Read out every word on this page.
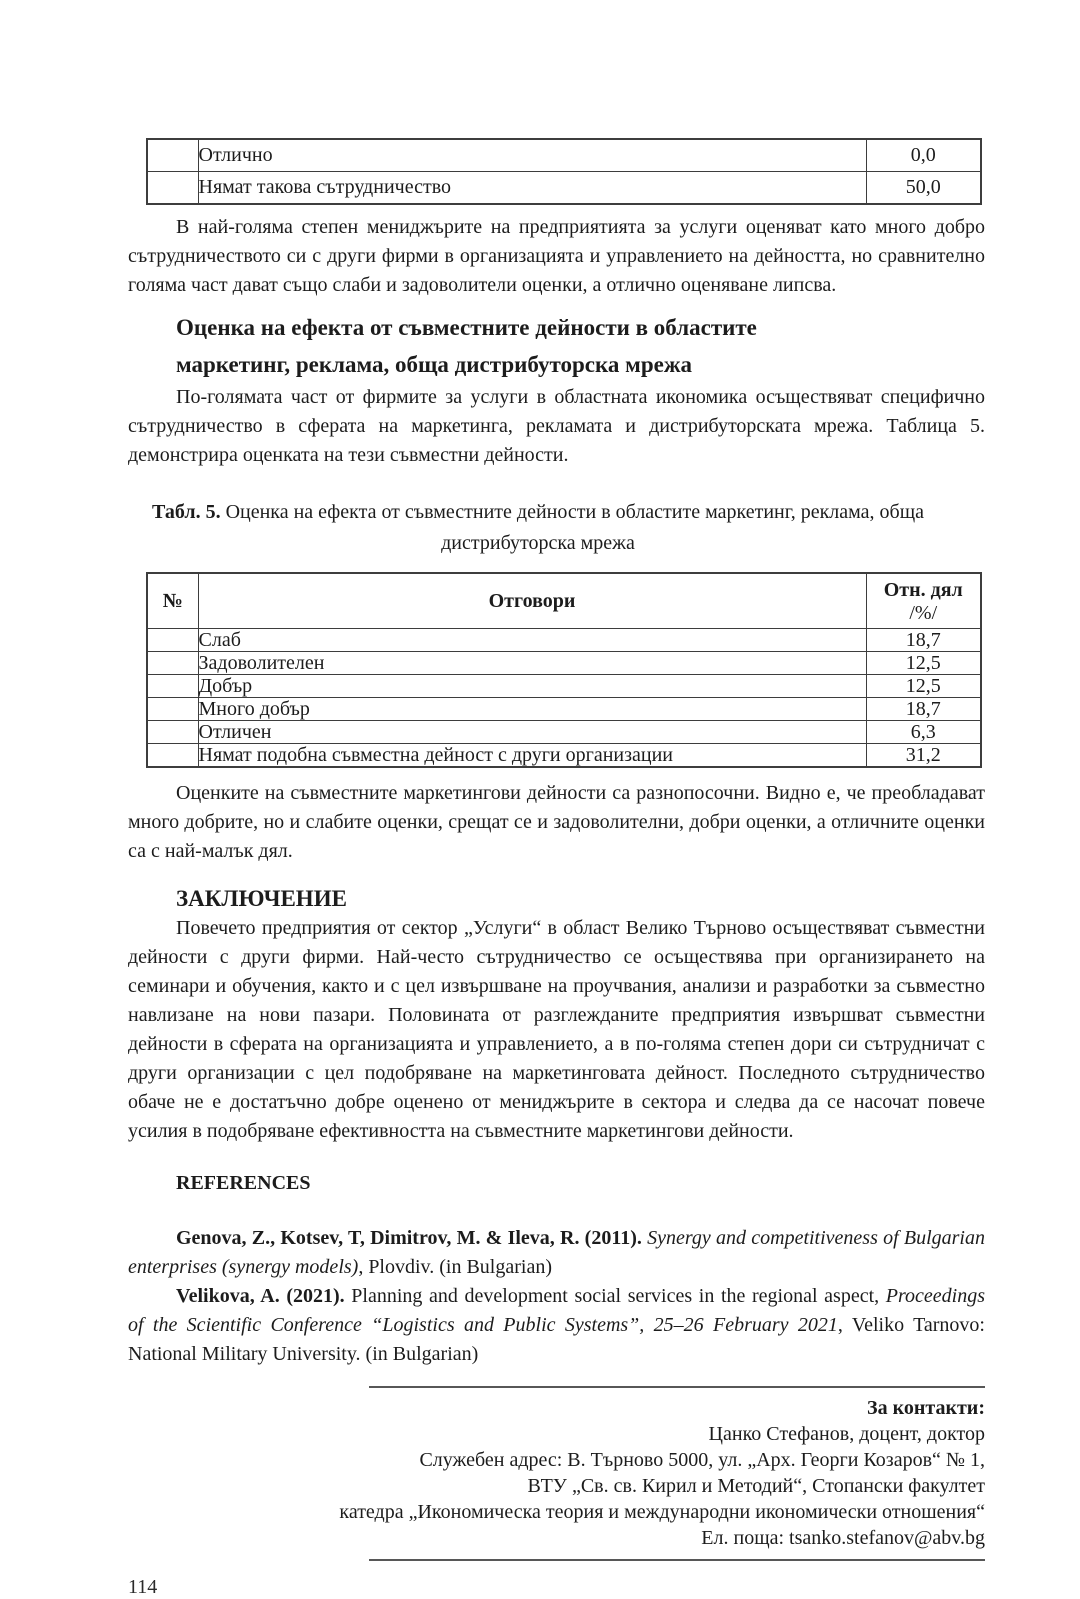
	Отлично	0,0
	Нямат такова сътрудничество	50,0

В най-голяма степен мениджърите на предприятията за услуги оценяват като много добро сътрудничеството си с други фирми в организацията и управлението на дейността, но сравнително голяма част дават също слаби и задоволители оценки, а отлично оценяване липсва.

Оценка на ефекта от съвместните дейности в областите маркетинг, реклама, обща дистрибуторска мрежа

По-голямата част от фирмите за услуги в областната икономика осъществяват специфично сътрудничество в сферата на маркетинга, рекламата и дистрибуторската мрежа. Таблица 5. демонстрира оценката на тези съвместни дейности.

Табл. 5. Оценка на ефекта от съвместните дейности в областите маркетинг, реклама, обща дистрибуторска мрежа
№	Отговори	Отн. дял
/%/

	Слаб	18,7
	Задоволителен	12,5
	Добър	12,5
	Много добър	18,7
	Отличен	6,3
	Нямат подобна съвместна дейност с други организации	31,2

Оценките на съвместните маркетингови дейности са разнопосочни. Видно е, че преобладават много добрите, но и слабите оценки, срещат се и задоволителни, добри оценки, а отличните оценки са с най-малък дял.

ЗАКЛЮЧЕНИЕ

Повечето предприятия от сектор „Услуги“ в област Велико Търново осъществяват съвместни дейности с други фирми. Най-често сътрудничество се осъществява при организирането на семинари и обучения, както и с цел извършване на проучвания, анализи и разработки за съвместно навлизане на нови пазари. Половината от разглежданите предприятия извършват съвместни дейности в сферата на организацията и управлението, а в по-голяма степен дори си сътрудничат с други организации с цел подобряване на маркетинговата дейност. Последното сътрудничество обаче не е достатъчно добре оценено от мениджърите в сектора и следва да се насочат повече усилия в подобряване ефективността на съвместните маркетингови дейности.

REFERENCES

Genova, Z., Kotsev, T, Dimitrov, M. & Ileva, R. (2011). Synergy and competitiveness of Bulgarian enterprises (synergy models), Plovdiv. (in Bulgarian)

Velikova, A. (2021). Planning and development social services in the regional aspect, Proceedings of the Scientific Conference “Logistics and Public Systems”, 25–26 February 2021, Veliko Tarnovo: National Military University. (in Bulgarian)

За контакти:
Цанко Стефанов, доцент, доктор
Служебен адрес: В. Търново 5000, ул. „Арх. Георги Козаров“ № 1,
ВТУ „Св. св. Кирил и Методий“, Стопански факултет
катедра „Икономическа теория и международни икономически отношения“
Ел. поща: tsanko.stefanov@abv.bg
114
